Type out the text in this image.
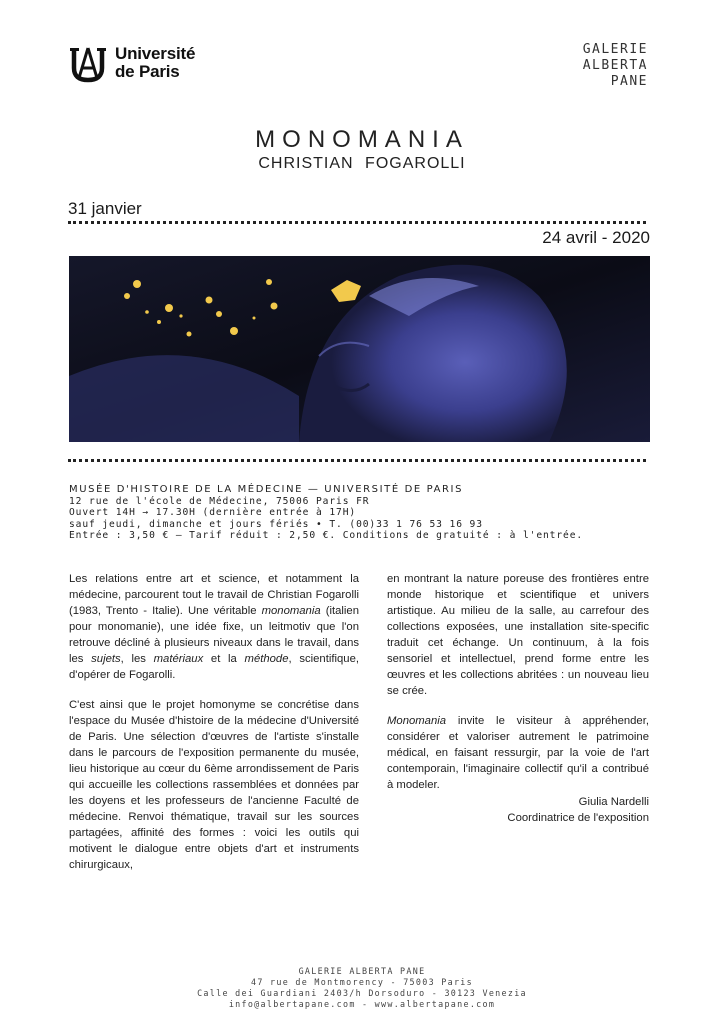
Université
de Paris
GALERIE
ALBERTA
PANE
MONOMANIA
CHRISTIAN FOGAROLLI
31 janvier
24 avril - 2020
MUSÉE D'HISTOIRE DE LA MÉDECINE — UNIVERSITÉ DE PARIS
12 rue de l'école de Médecine, 75006 Paris FR
Ouvert 14H → 17.30H (dernière entrée à 17H)
sauf jeudi, dimanche et jours fériés • T. (00)33 1 76 53 16 93
Entrée : 3,50 € – Tarif réduit : 2,50 €. Conditions de gratuité : à l'entrée.

Les relations entre art et science, et notamment la médecine, parcourent tout le travail de Christian Fogarolli (1983, Trento - Italie). Une véritable monomania (italien pour monomanie), une idée fixe, un leitmotiv que l'on retrouve décliné à plusieurs niveaux dans le travail, dans les sujets, les matériaux et la méthode, scientifique, d'opérer de Fogarolli.

C'est ainsi que le projet homonyme se concrétise dans l'espace du Musée d'histoire de la médecine d'Université de Paris. Une sélection d'œuvres de l'artiste s'installe dans le parcours de l'exposition permanente du musée, lieu historique au cœur du 6ème arrondissement de Paris qui accueille les collections rassemblées et données par les doyens et les professeurs de l'ancienne Faculté de médecine. Renvoi thématique, travail sur les sources partagées, affinité des formes : voici les outils qui motivent le dialogue entre objets d'art et instruments chirurgicaux,

en montrant la nature poreuse des frontières entre monde historique et scientifique et univers artistique. Au milieu de la salle, au carrefour des collections exposées, une installation site-specific traduit cet échange. Un continuum, à la fois sensoriel et intellectuel, prend forme entre les œuvres et les collections abritées : un nouveau lieu se crée.

Monomania invite le visiteur à appréhender, considérer et valoriser autrement le patrimoine médical, en faisant ressurgir, par la voie de l'art contemporain, l'imaginaire collectif qu'il a contribué à modeler.

Giulia Nardelli
Coordinatrice de l'exposition
GALERIE ALBERTA PANE
47 rue de Montmorency - 75003 Paris
Calle dei Guardiani 2403/h Dorsoduro - 30123 Venezia
info@albertapane.com - www.albertapane.com
